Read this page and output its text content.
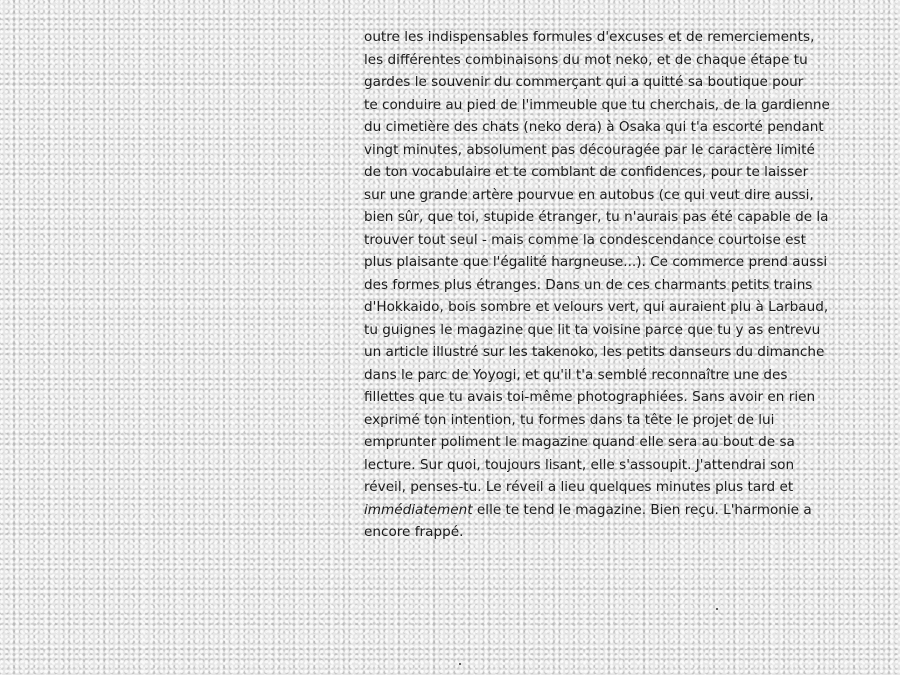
outre les indispensables formules d'excuses et de remerciements,
les différentes combinaisons du mot neko, et de chaque étape tu
gardes le souvenir du commerçant qui a quitté sa boutique pour
te conduire au pied de l'immeuble que tu cherchais, de la gardienne
du cimetière des chats (neko dera) à Osaka qui t'a escorté pendant
vingt minutes, absolument pas découragée par le caractère limité
de ton vocabulaire et te comblant de confidences, pour te laisser
sur une grande artère pourvue en autobus (ce qui veut dire aussi,
bien sûr, que toi, stupide étranger, tu n'aurais pas été capable de la
trouver tout seul - mais comme la condescendance courtoise est
plus plaisante que l'égalité hargneuse...). Ce commerce prend aussi
des formes plus étranges. Dans un de ces charmants petits trains
d'Hokkaido, bois sombre et velours vert, qui auraient plu à Larbaud,
tu guignes le magazine que lit ta voisine parce que tu y as entrevu
un article illustré sur les takenoko, les petits danseurs du dimanche
dans le parc de Yoyogi, et qu'il t'a semblé reconnaître une des
fillettes que tu avais toi-même photographiées. Sans avoir en rien
exprimé ton intention, tu formes dans ta tête le projet de lui
emprunter poliment le magazine quand elle sera au bout de sa
lecture. Sur quoi, toujours lisant, elle s'assoupit. J'attendrai son
réveil, penses-tu. Le réveil a lieu quelques minutes plus tard et
immédiatement elle te tend le magazine. Bien reçu. L'harmonie a
encore frappé.
